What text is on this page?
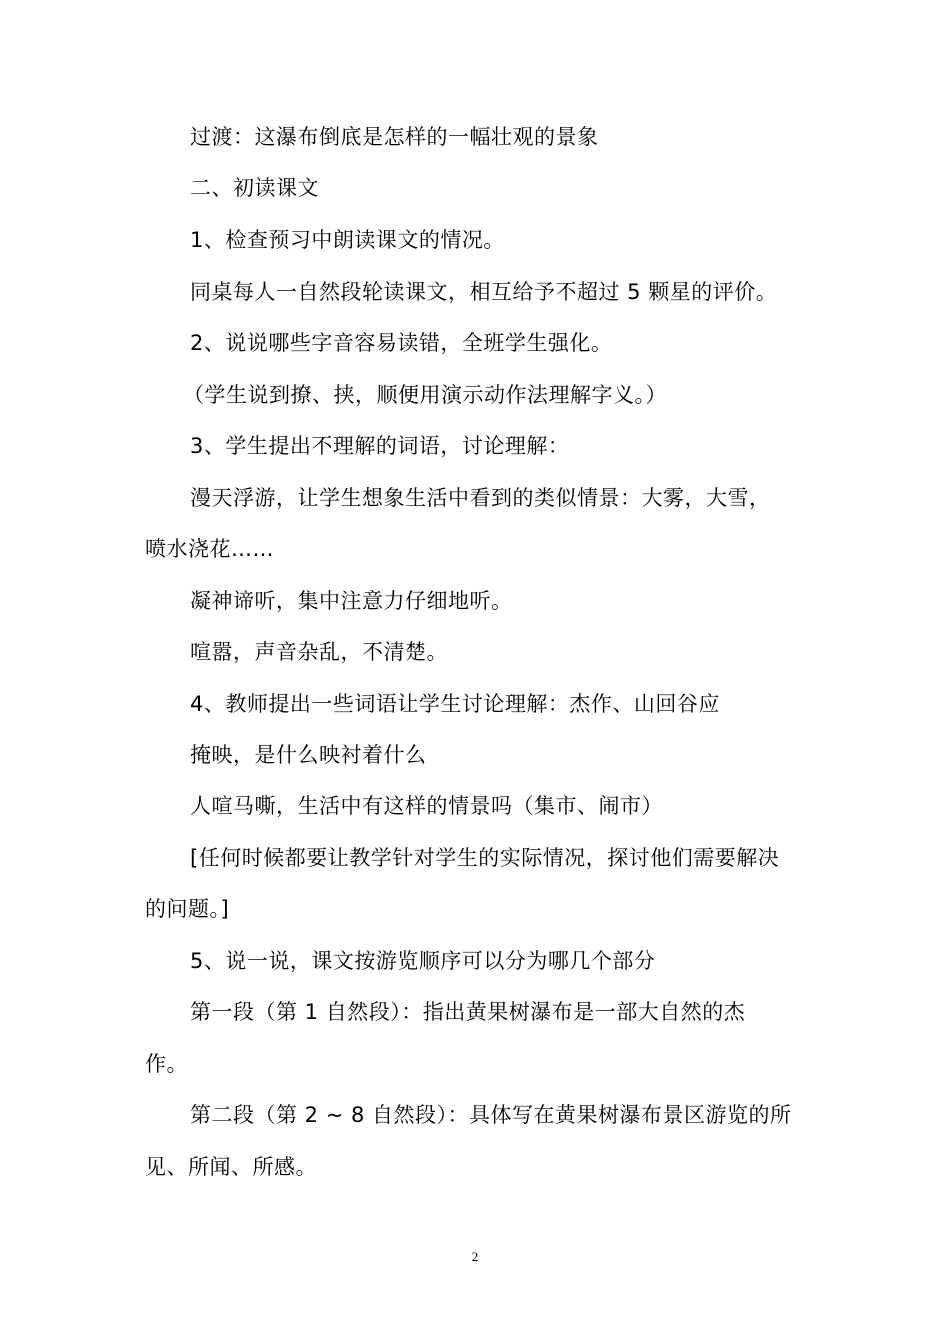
过渡：这瀑布倒底是怎样的一幅壮观的景象
二、初读课文
1、检查预习中朗读课文的情况。
同桌每人一自然段轮读课文，相互给予不超过 5 颗星的评价。
2、说说哪些字音容易读错，全班学生强化。
（学生说到撩、挟，顺便用演示动作法理解字义。）
3、学生提出不理解的词语，讨论理解：
漫天浮游，让学生想象生活中看到的类似情景：大雾，大雪，
喷水浇花……
凝神谛听，集中注意力仔细地听。
喧嚣，声音杂乱，不清楚。
4、教师提出一些词语让学生讨论理解：杰作、山回谷应
掩映，是什么映衬着什么
人喧马嘶，生活中有这样的情景吗（集市、闹市）
[任何时候都要让教学针对学生的实际情况，探讨他们需要解决
的问题。]
5、说一说，课文按游览顺序可以分为哪几个部分
第一段（第 1 自然段）：指出黄果树瀑布是一部大自然的杰
作。
第二段（第 2 ~ 8 自然段）：具体写在黄果树瀑布景区游览的所
见、所闻、所感。
2
